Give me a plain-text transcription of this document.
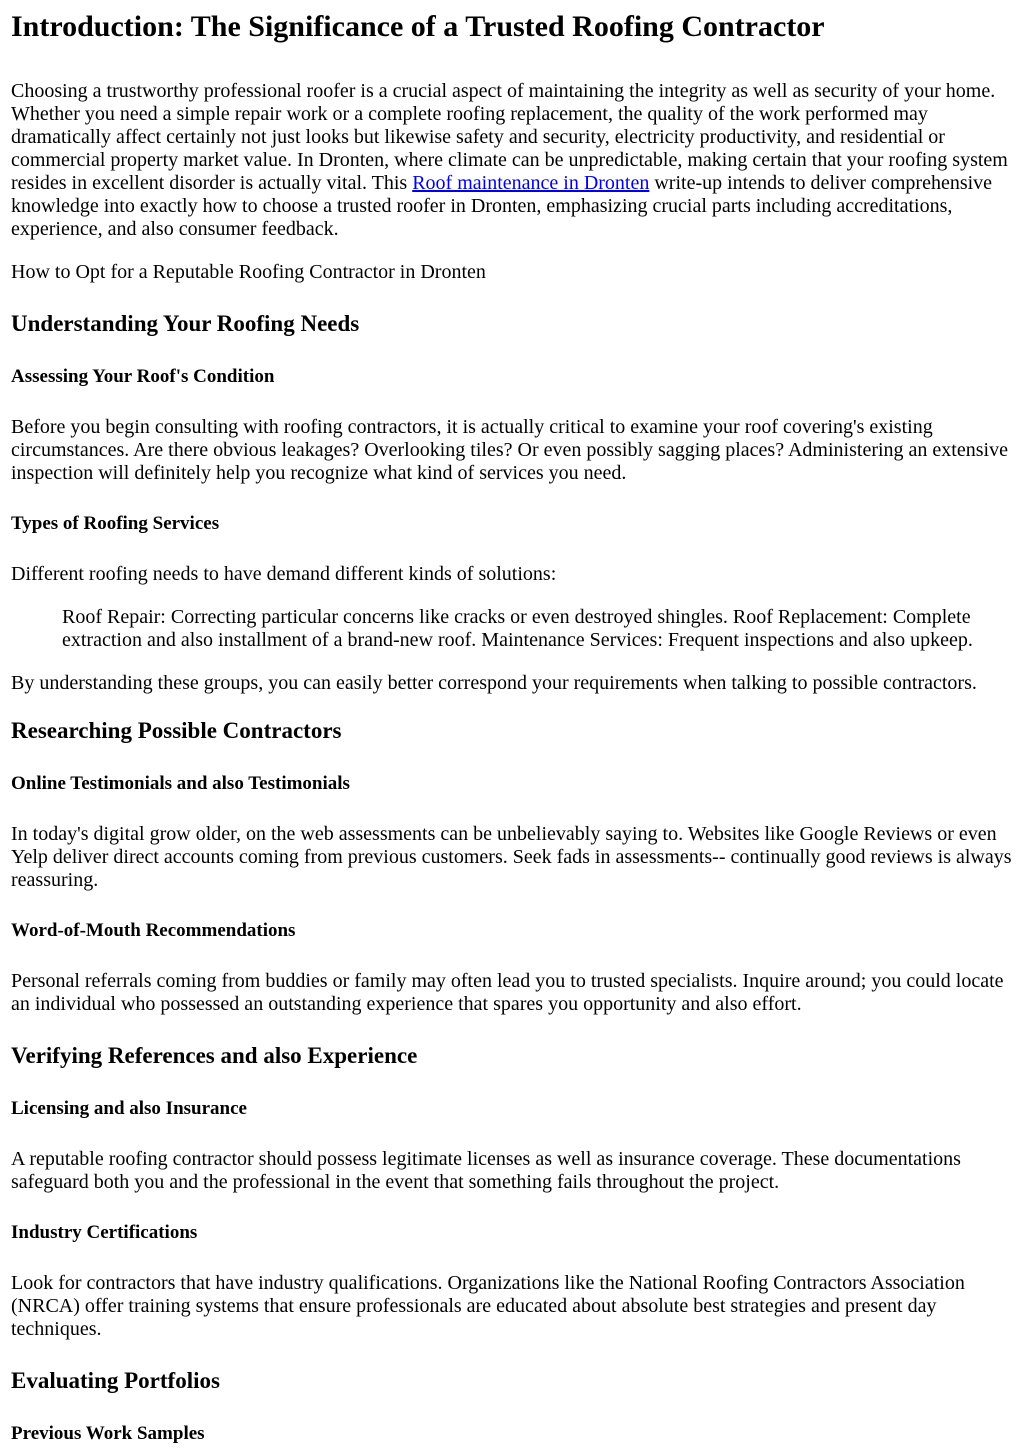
Introduction: The Significance of a Trusted Roofing Contractor

Choosing a trustworthy professional roofer is a crucial aspect of maintaining the integrity as well as security of your home. Whether you need a simple repair work or a complete roofing replacement, the quality of the work performed may dramatically affect certainly not just looks but likewise safety and security, electricity productivity, and residential or commercial property market value. In Dronten, where climate can be unpredictable, making certain that your roofing system resides in excellent disorder is actually vital. This Roof maintenance in Dronten write-up intends to deliver comprehensive knowledge into exactly how to choose a trusted roofer in Dronten, emphasizing crucial parts including accreditations, experience, and also consumer feedback.

How to Opt for a Reputable Roofing Contractor in Dronten

Understanding Your Roofing Needs
Assessing Your Roof's Condition

Before you begin consulting with roofing contractors, it is actually critical to examine your roof covering's existing circumstances. Are there obvious leakages? Overlooking tiles? Or even possibly sagging places? Administering an extensive inspection will definitely help you recognize what kind of services you need.

Types of Roofing Services

Different roofing needs to have demand different kinds of solutions:

Roof Repair: Correcting particular concerns like cracks or even destroyed shingles. Roof Replacement: Complete extraction and also installment of a brand-new roof. Maintenance Services: Frequent inspections and also upkeep.

By understanding these groups, you can easily better correspond your requirements when talking to possible contractors.

Researching Possible Contractors
Online Testimonials and also Testimonials

In today's digital grow older, on the web assessments can be unbelievably saying to. Websites like Google Reviews or even Yelp deliver direct accounts coming from previous customers. Seek fads in assessments-- continually good reviews is always reassuring.

Word-of-Mouth Recommendations

Personal referrals coming from buddies or family may often lead you to trusted specialists. Inquire around; you could locate an individual who possessed an outstanding experience that spares you opportunity and also effort.

Verifying References and also Experience
Licensing and also Insurance

A reputable roofing contractor should possess legitimate licenses as well as insurance coverage. These documentations safeguard both you and the professional in the event that something fails throughout the project.

Industry Certifications

Look for contractors that have industry qualifications. Organizations like the National Roofing Contractors Association (NRCA) offer training systems that ensure professionals are educated about absolute best strategies and present day techniques.

Evaluating Portfolios
Previous Work Samples
